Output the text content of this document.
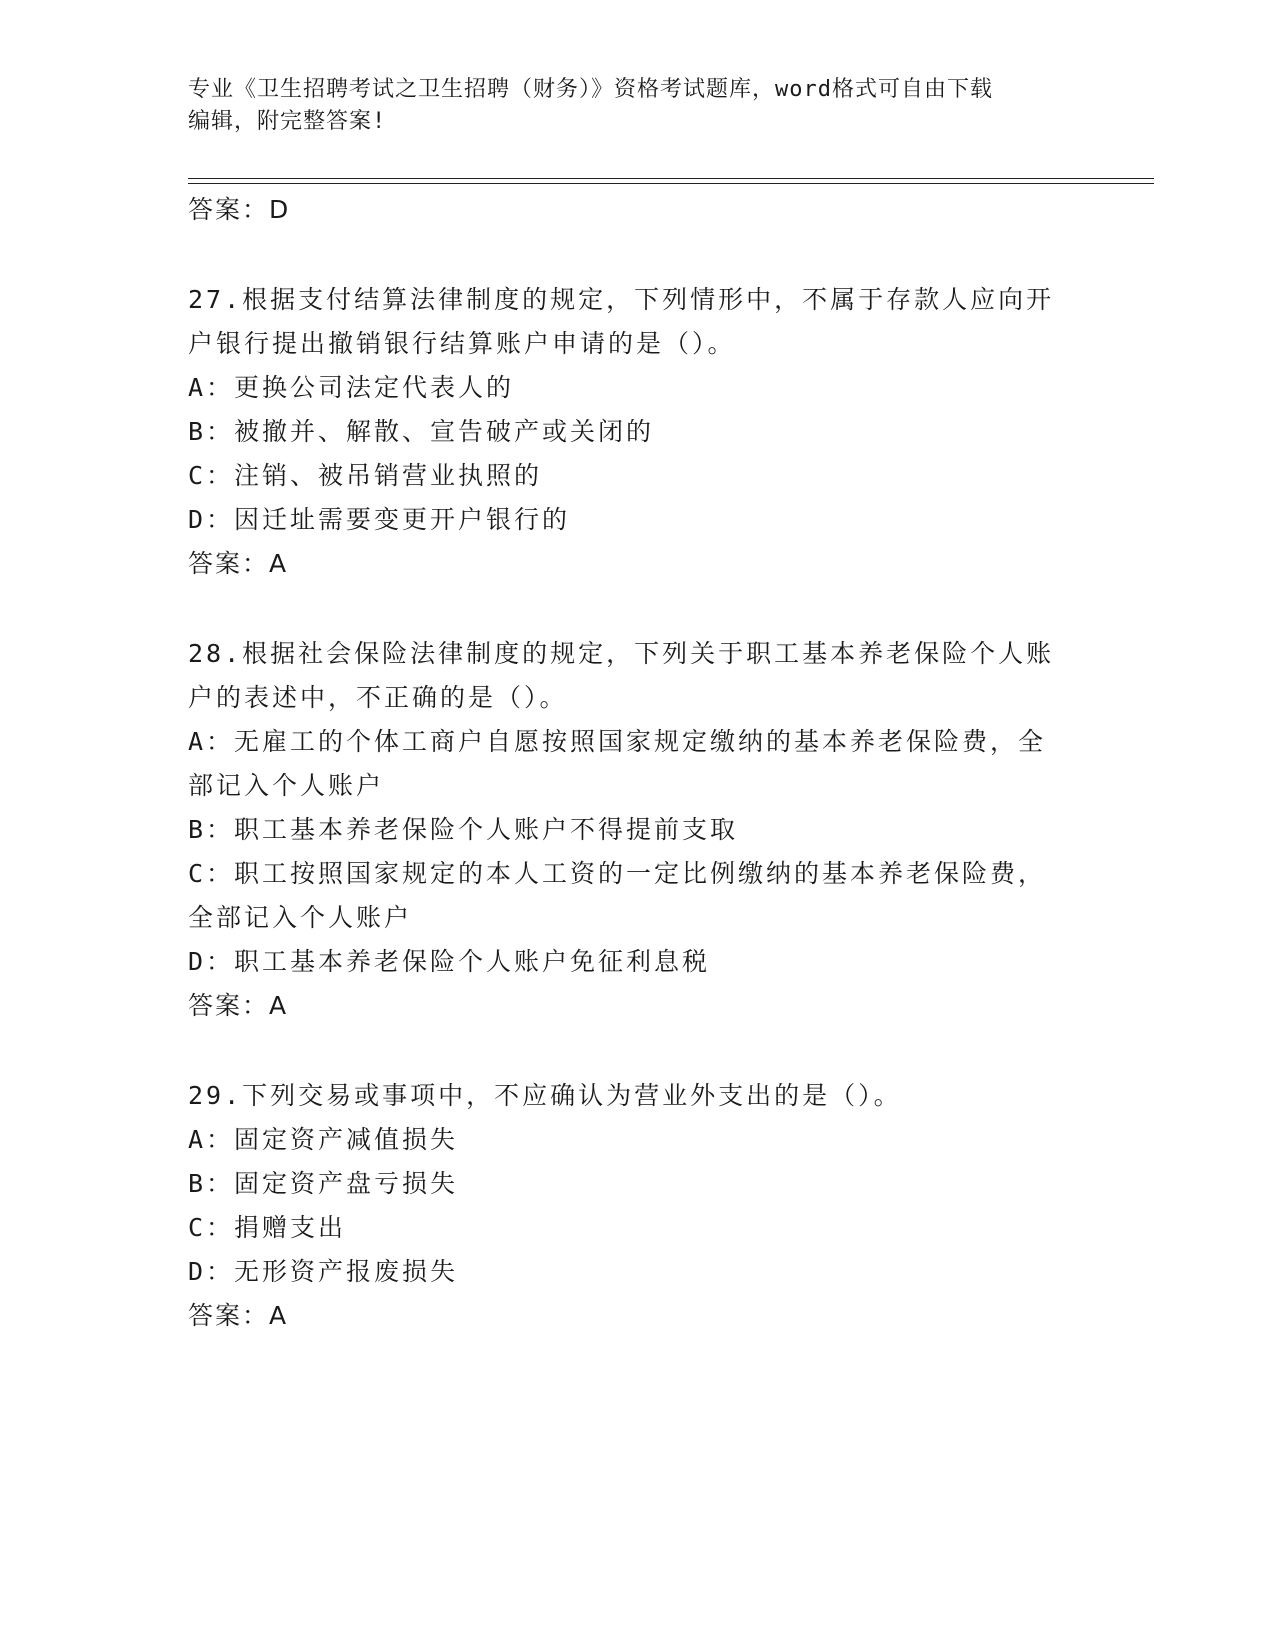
专业《卫生招聘考试之卫生招聘（财务）》资格考试题库，word格式可自由下载
编辑，附完整答案!
答案：D
27.根据支付结算法律制度的规定，下列情形中，不属于存款人应向开
户银行提出撤销银行结算账户申请的是（）。
A：更换公司法定代表人的
B：被撤并、解散、宣告破产或关闭的
C：注销、被吊销营业执照的
D：因迁址需要变更开户银行的
答案：A
28.根据社会保险法律制度的规定，下列关于职工基本养老保险个人账
户的表述中，不正确的是（）。
A：无雇工的个体工商户自愿按照国家规定缴纳的基本养老保险费，全
部记入个人账户
B：职工基本养老保险个人账户不得提前支取
C：职工按照国家规定的本人工资的一定比例缴纳的基本养老保险费，
全部记入个人账户
D：职工基本养老保险个人账户免征利息税
答案：A
29.下列交易或事项中，不应确认为营业外支出的是（）。
A：固定资产减值损失
B：固定资产盘亏损失
C：捐赠支出
D：无形资产报废损失
答案：A
